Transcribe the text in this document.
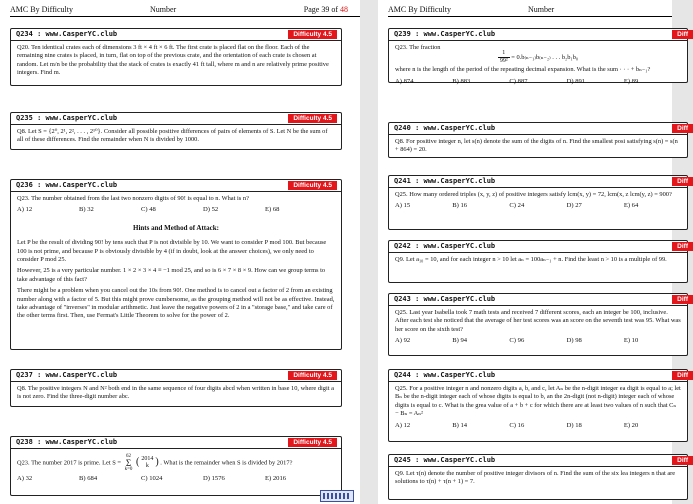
AMC By Difficulty	Number	Page 39 of 48
Q234 : www.CasperYC.club	Difficulty 4.5

Q20. Ten identical crates each of dimensions 3 ft × 4 ft × 6 ft. The first crate is placed flat on the floor. Each of the remaining nine crates is placed, in turn, flat on top of the previous crate, and the orientation of each crate is chosen at random. Let m/n be the probability that the stack of crates is exactly 41 ft tall, where m and n are relatively prime positive integers. Find m.

Q235 : www.CasperYC.club	Difficulty 4.5

Q8. Let S = {2⁰, 2¹, 2², . . . , 2¹⁰}. Consider all possible positive differences of pairs of elements of S. Let N be the sum of all of these differences. Find the remainder when N is divided by 1000.

Q236 : www.CasperYC.club	Difficulty 4.5

Q23. The number obtained from the last two nonzero digits of 90! is equal to n. What is n?

A) 12	B) 32	C) 48	D) 52	E) 68
Hints and Method of Attack:

Let P be the result of dividing 90! by tens such that P is not divisible by 10. We want to consider P mod 100. But because 100 is not prime, and because P is obviously divisible by 4 (if in doubt, look at the answer choices), we only need to consider P mod 25.

However, 25 is a very particular number. 1 × 2 × 3 × 4 ≡ −1 mod 25, and so is 6 × 7 × 8 × 9. How can we group terms to take advantage of this fact?

There might be a problem when you cancel out the 10s from 90!. One method is to cancel out a factor of 2 from an existing number along with a factor of 5. But this might prove cumbersome, as the grouping method will not be as effective. Instead, take advantage of "inverses" in modular arithmetic. Just leave the negative powers of 2 in a "storage base," and take care of the other terms first. Then, use Fermat's Little Theorem to solve for the power of 2.

Q237 : www.CasperYC.club	Difficulty 4.5

Q8. The positive integers N and N² both end in the same sequence of four digits abcd when written in base 10, where digit a is not zero. Find the three-digit number abc.

Q238 : www.CasperYC.club	Difficulty 4.5

Q23. The number 2017 is prime. Let S =
62
Σ
k=0
( 2014
k ) . What is the remainder when S is divided by 2017?

A) 32	B) 684	C) 1024	D) 1576	E) 2016
AMC By Difficulty	Number
Q239 : www.CasperYC.club	Diff

Q23. The fraction

$\frac{1}{\text{99²}} = 0.b_{(n-1)}b_{(n-2)}$ . . . b₂b₁b₀

where n is the length of the period of the repeating decimal expansion. What is the sum · · · + bₙ₋₁?

A) 874	B) 883	C) 887	D) 891	E) 89
Q240 : www.CasperYC.club	Diff

Q8. For positive integer n, let s(n) denote the sum of the digits of n. Find the smallest posi satisfying s(n) = s(n + 864) = 20.

Q241 : www.CasperYC.club	Diff

Q25. How many ordered triples (x, y, z) of positive integers satisfy lcm(x, y) = 72, lcm(x, z lcm(y, z) = 900?

A) 15	B) 16	C) 24	D) 27	E) 64
Q242 : www.CasperYC.club	Diff

Q9. Let a₁₀ = 10, and for each integer n > 10 let aₙ = 100aₙ₋₁ + n. Find the least n > 10 is a multiple of 99.

Q243 : www.CasperYC.club	Diff

Q25. Last year Isabella took 7 math tests and received 7 different scores, each an integer be 100, inclusive. After each test she noticed that the average of her test scores was an score on the seventh test was 95. What was her score on the sixth test?

A) 92	B) 94	C) 96	D) 98	E) 10
Q244 : www.CasperYC.club	Diff

Q25. For a positive integer n and nonzero digits a, b, and c, let Aₙ be the n-digit integer ea digit is equal to a; let Bₙ be the n-digit integer each of whose digits is equal to b, an the 2n-digit (not n-digit) integer each of whose digits is equal to c. What is the grea value of a + b + c for which there are at least two values of n such that Cₙ − Bₙ = Aₙ²

A) 12	B) 14	C) 16	D) 18	E) 20
Q245 : www.CasperYC.club	Diff

Q9. Let τ(n) denote the number of positive integer divisors of n. Find the sum of the six lea integers n that are solutions to τ(n) + τ(n + 1) = 7.
